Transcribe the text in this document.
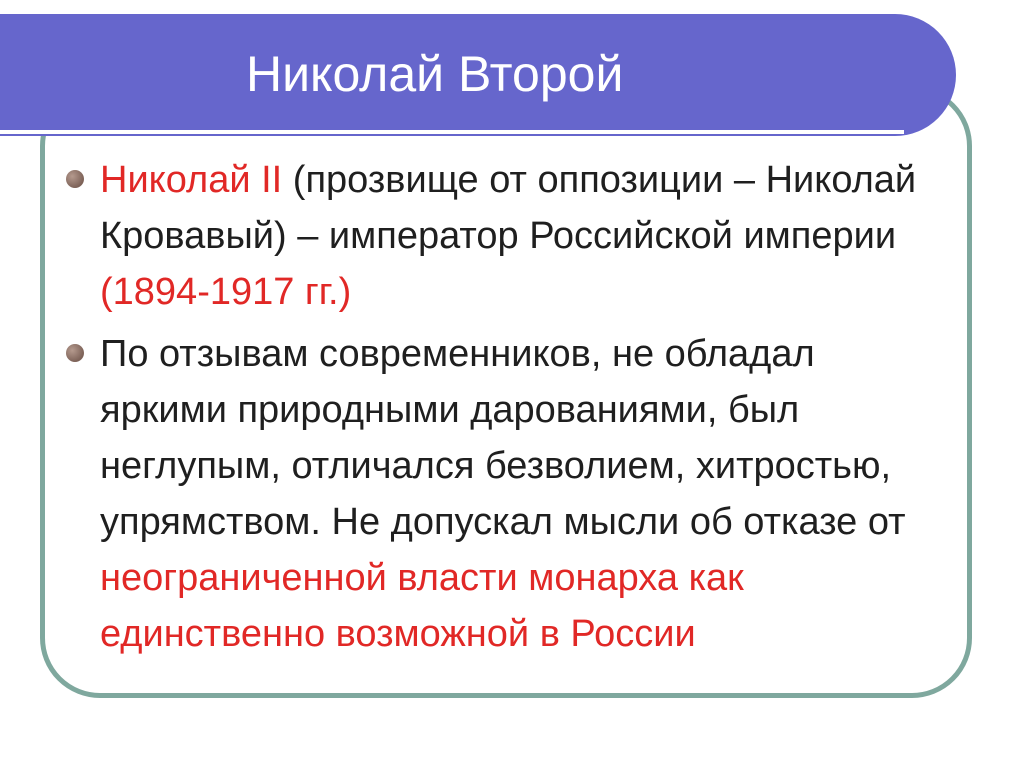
Николай Второй
Николай II (прозвище от оппозиции – Николай Кровавый) – император Российской империи (1894-1917 гг.)
По отзывам современников, не обладал яркими природными дарованиями, был неглупым, отличался безволием, хитростью, упрямством. Не допускал мысли об отказе от неограниченной власти монарха как единственно возможной в России
